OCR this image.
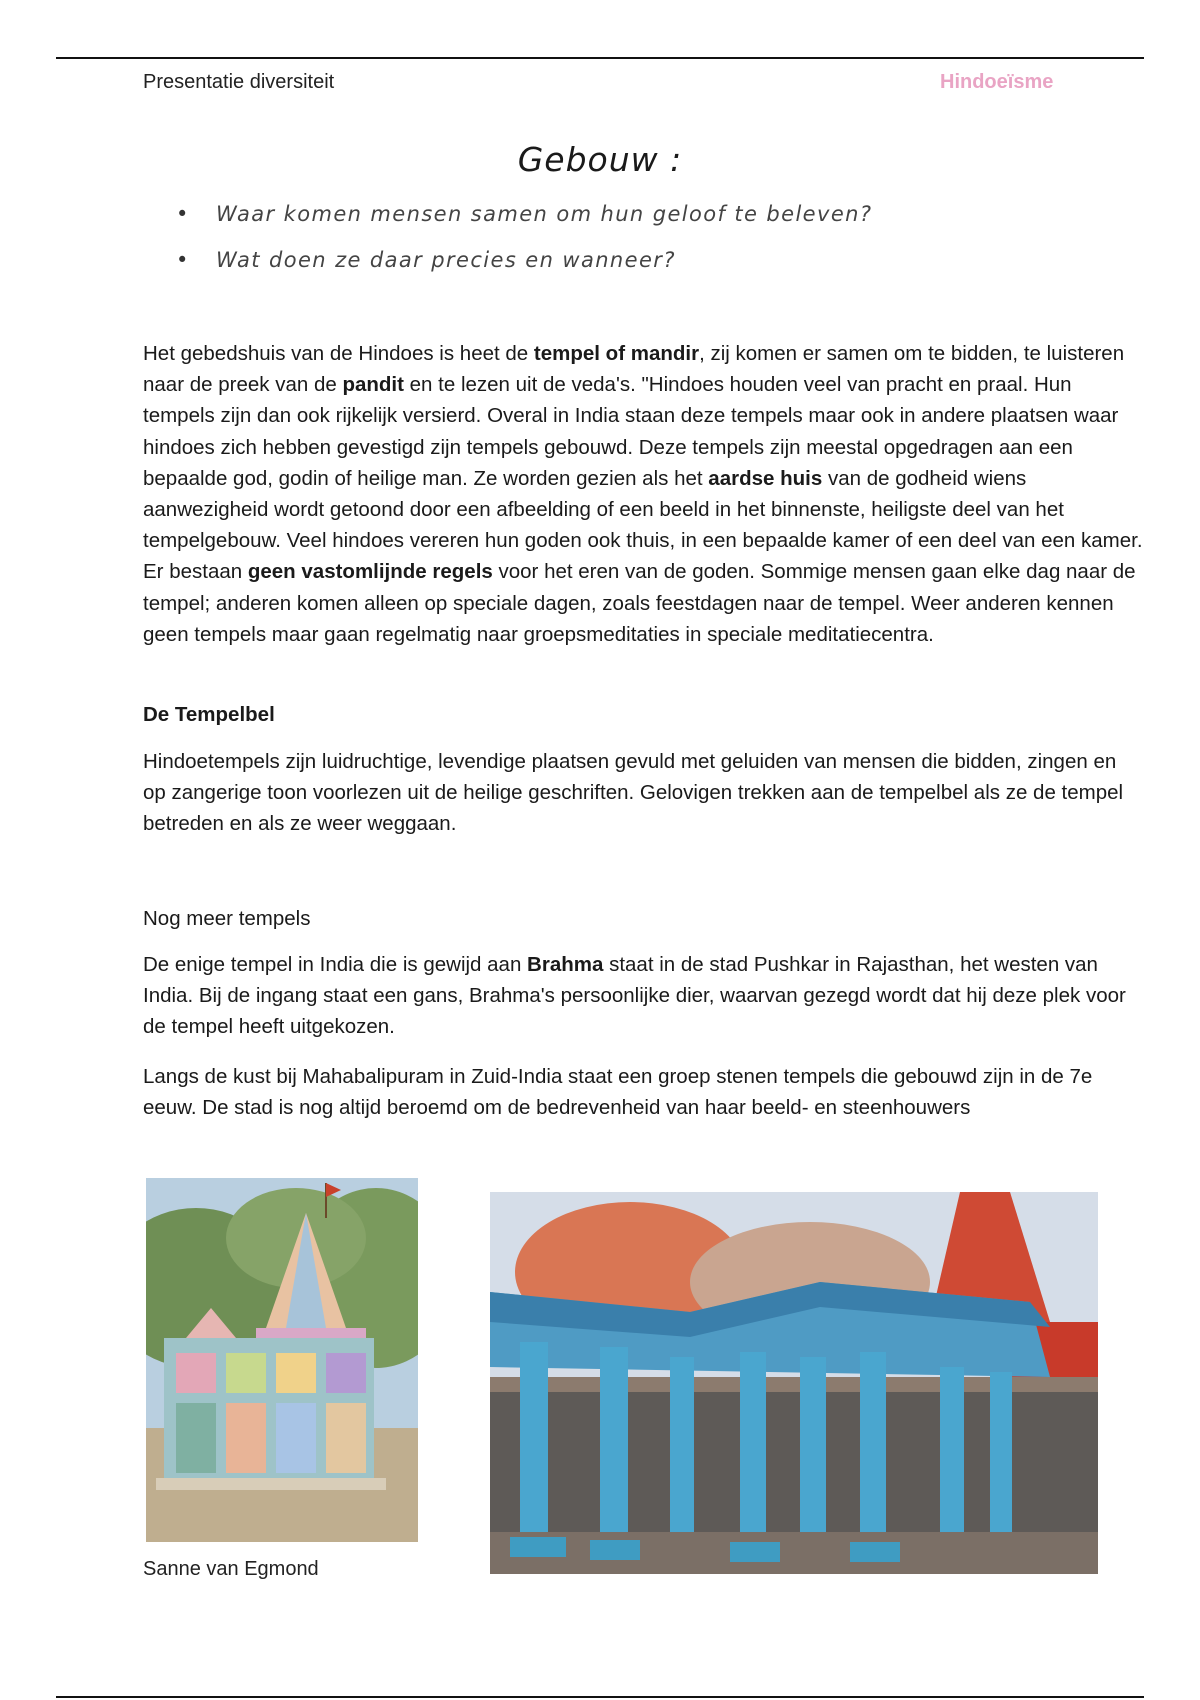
Presentatie diversiteit	Hindoeïsme
Gebouw :
• Waar komen mensen samen om hun geloof te beleven?
• Wat doen ze daar precies en wanneer?
Het gebedshuis van de Hindoes is heet de tempel of mandir, zij komen er samen om te bidden, te luisteren naar de preek van de pandit en te lezen uit de veda's. "Hindoes houden veel van pracht en praal. Hun tempels zijn dan ook rijkelijk versierd. Overal in India staan deze tempels maar ook in andere plaatsen waar hindoes zich hebben gevestigd zijn tempels gebouwd. Deze tempels zijn meestal opgedragen aan een bepaalde god, godin of heilige man. Ze worden gezien als het aardse huis van de godheid wiens aanwezigheid wordt getoond door een afbeelding of een beeld in het binnenste, heiligste deel van het tempelgebouw. Veel hindoes vereren hun goden ook thuis, in een bepaalde kamer of een deel van een kamer. Er bestaan geen vastomlijnde regels voor het eren van de goden. Sommige mensen gaan elke dag naar de tempel; anderen komen alleen op speciale dagen, zoals feestdagen naar de tempel. Weer anderen kennen geen tempels maar gaan regelmatig naar groepsmeditaties in speciale meditatiecentra.
De Tempelbel
Hindoetempels zijn luidruchtige, levendige plaatsen gevuld met geluiden van mensen die bidden, zingen en op zangerige toon voorlezen uit de heilige geschriften. Gelovigen trekken aan de tempelbel als ze de tempel betreden en als ze weer weggaan.
Nog meer tempels
De enige tempel in India die is gewijd aan Brahma staat in de stad Pushkar in Rajasthan, het westen van India. Bij de ingang staat een gans, Brahma's persoonlijke dier, waarvan gezegd wordt dat hij deze plek voor de tempel heeft uitgekozen.
Langs de kust bij Mahabalipuram in Zuid-India staat een groep stenen tempels die gebouwd zijn in de 7e eeuw. De stad is nog altijd beroemd om de bedrevenheid van haar beeld- en steenhouwers
Sanne van Egmond
